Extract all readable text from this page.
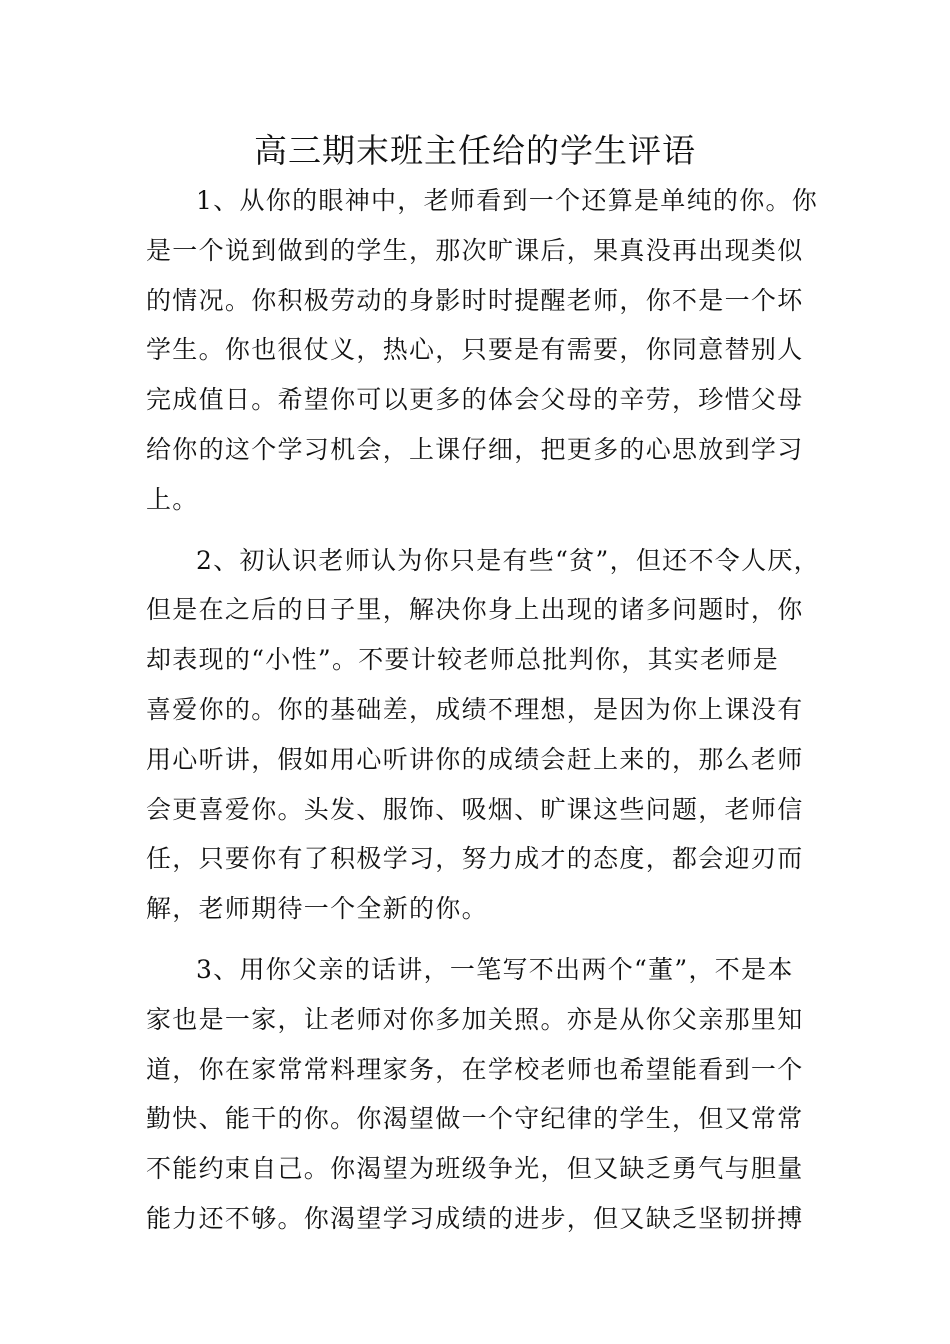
高三期末班主任给的学生评语
1、从你的眼神中，老师看到一个还算是单纯的你。你
是一个说到做到的学生，那次旷课后，果真没再出现类似
的情况。你积极劳动的身影时时提醒老师，你不是一个坏
学生。你也很仗义，热心，只要是有需要，你同意替别人
完成值日。希望你可以更多的体会父母的辛劳，珍惜父母
给你的这个学习机会，上课仔细，把更多的心思放到学习
上。
2、初认识老师认为你只是有些“贫”，但还不令人厌，
但是在之后的日子里，解决你身上出现的诸多问题时，你
却表现的“小性”。不要计较老师总批判你，其实老师是
喜爱你的。你的基础差，成绩不理想，是因为你上课没有
用心听讲，假如用心听讲你的成绩会赶上来的，那么老师
会更喜爱你。头发、服饰、吸烟、旷课这些问题，老师信
任，只要你有了积极学习，努力成才的态度，都会迎刃而
解，老师期待一个全新的你。
3、用你父亲的话讲，一笔写不出两个“董”，不是本
家也是一家，让老师对你多加关照。亦是从你父亲那里知
道，你在家常常料理家务，在学校老师也希望能看到一个
勤快、能干的你。你渴望做一个守纪律的学生，但又常常
不能约束自己。你渴望为班级争光，但又缺乏勇气与胆量
能力还不够。你渴望学习成绩的进步，但又缺乏坚韧拼搏
